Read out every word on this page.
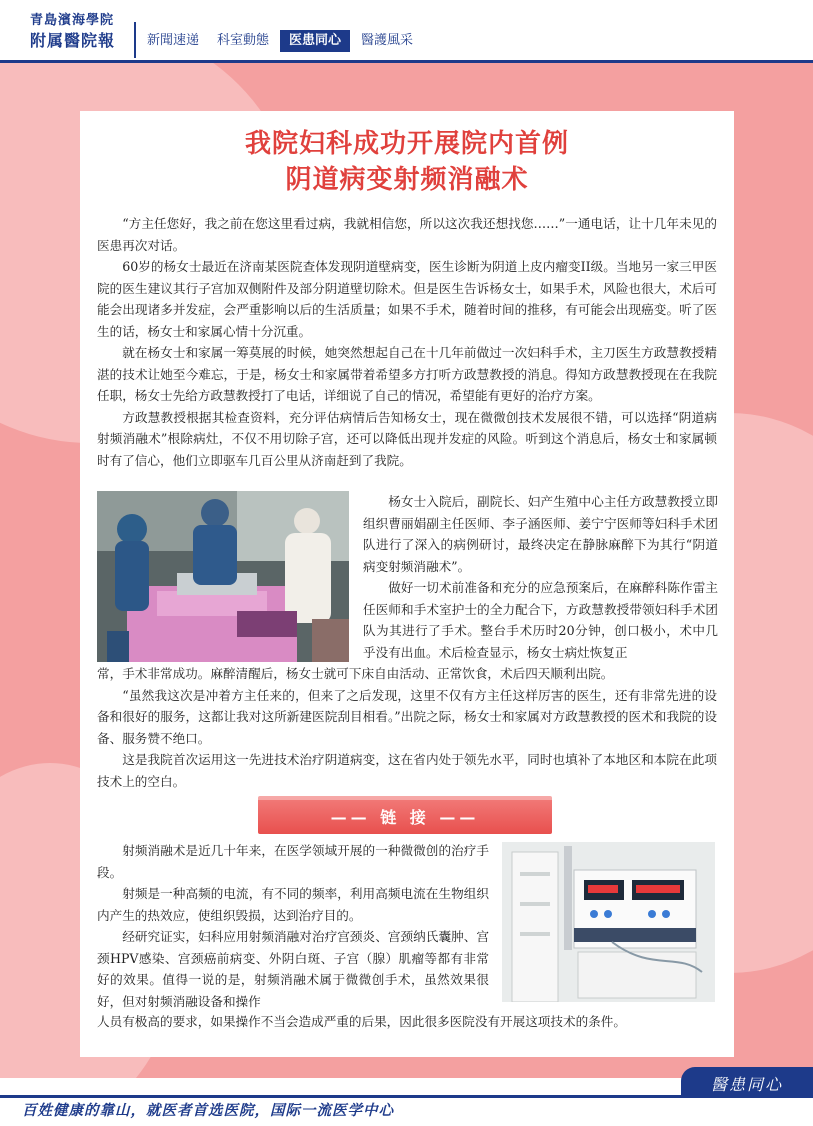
青島濱海學院
附属醫院報	新聞速递	科室動態	医患同心	醫護風采
我院妇科成功开展院内首例
阴道病变射频消融术

“方主任您好，我之前在您这里看过病，我就相信您，所以这次我还想找您……”一通电话，让十几年未见的医患再次对话。

60岁的杨女士最近在济南某医院查体发现阴道壁病变，医生诊断为阴道上皮内瘤变II级。当地另一家三甲医院的医生建议其行子宫加双侧附件及部分阴道壁切除术。但是医生告诉杨女士，如果手术，风险也很大，术后可能会出现诸多并发症，会严重影响以后的生活质量；如果不手术，随着时间的推移，有可能会出现癌变。听了医生的话，杨女士和家属心情十分沉重。

就在杨女士和家属一筹莫展的时候，她突然想起自己在十几年前做过一次妇科手术，主刀医生方政慧教授精湛的技术让她至今难忘，于是，杨女士和家属带着希望多方打听方政慧教授的消息。得知方政慧教授现在在我院任职，杨女士先给方政慧教授打了电话，详细说了自己的情况，希望能有更好的治疗方案。

方政慧教授根据其检查资料，充分评估病情后告知杨女士，现在微微创技术发展很不错，可以选择“阴道病射频消融术”根除病灶，不仅不用切除子宫，还可以降低出现并发症的风险。听到这个消息后，杨女士和家属顿时有了信心，他们立即驱车几百公里从济南赶到了我院。

杨女士入院后，副院长、妇产生殖中心主任方政慧教授立即组织曹丽娟副主任医师、李子涵医师、姜宁宁医师等妇科手术团队进行了深入的病例研讨，最终决定在静脉麻醉下为其行“阴道病变射频消融术”。

做好一切术前准备和充分的应急预案后，在麻醉科陈作雷主任医师和手术室护士的全力配合下，方政慧教授带领妇科手术团队为其进行了手术。整台手术历时20分钟，创口极小，术中几乎没有出血。术后检查显示，杨女士病灶恢复正

常，手术非常成功。麻醉清醒后，杨女士就可下床自由活动、正常饮食，术后四天顺利出院。

“虽然我这次是冲着方主任来的，但来了之后发现，这里不仅有方主任这样厉害的医生，还有非常先进的设备和很好的服务，这都让我对这所新建医院刮目相看。”出院之际，杨女士和家属对方政慧教授的医术和我院的设备、服务赞不绝口。

这是我院首次运用这一先进技术治疗阴道病变，这在省内处于领先水平，同时也填补了本地区和本院在此项技术上的空白。

—— 链 接 ——

射频消融术是近几十年来，在医学领域开展的一种微微创的治疗手段。

射频是一种高频的电流，有不同的频率，利用高频电流在生物组织内产生的热效应，使组织毁损，达到治疗目的。

经研究证实，妇科应用射频消融对治疗宫颈炎、宫颈纳氏囊肿、宫颈HPV感染、宫颈癌前病变、外阴白斑、子宫（腺）肌瘤等都有非常好的效果。值得一说的是，射频消融术属于微微创手术，虽然效果很好，但对射频消融设备和操作

人员有极高的要求，如果操作不当会造成严重的后果，因此很多医院没有开展这项技术的条件。
醫患同心
百姓健康的靠山，就医者首选医院，国际一流医学中心
